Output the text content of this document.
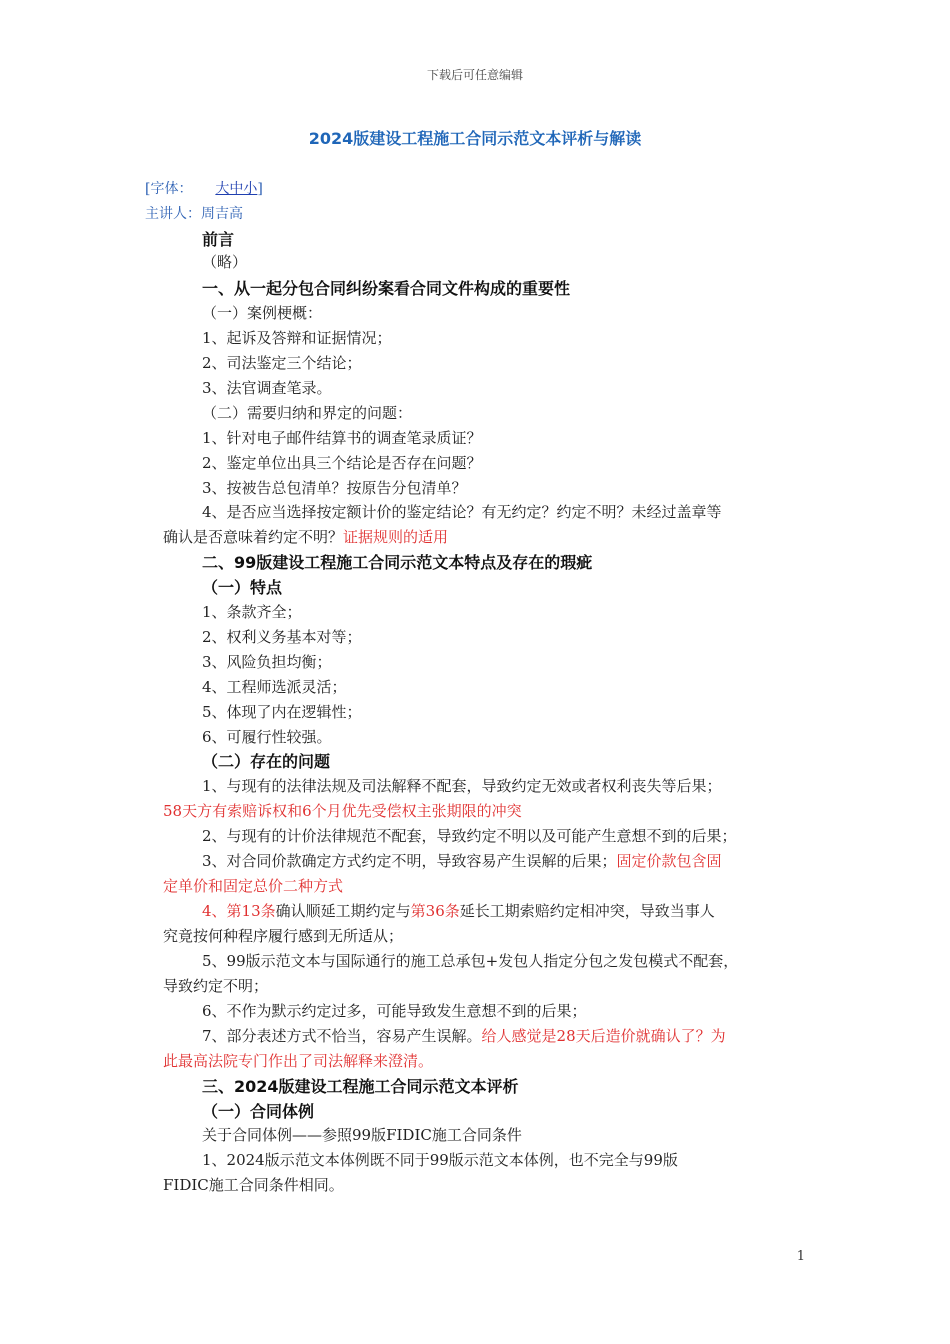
下载后可任意编辑
2024版建设工程施工合同示范文本评析与解读
[字体： 大中小]
主讲人：周吉高
前言
（略）
一、从一起分包合同纠纷案看合同文件构成的重要性
（一）案例梗概：
1、起诉及答辩和证据情况；
2、司法鉴定三个结论；
3、法官调查笔录。
（二）需要归纳和界定的问题：
1、针对电子邮件结算书的调查笔录质证？
2、鉴定单位出具三个结论是否存在问题？
3、按被告总包清单？按原告分包清单？
4、是否应当选择按定额计价的鉴定结论？有无约定？约定不明？未经过盖章等
确认是否意味着约定不明？证据规则的适用
二、99版建设工程施工合同示范文本特点及存在的瑕疵
（一）特点
1、条款齐全；
2、权利义务基本对等；
3、风险负担均衡；
4、工程师选派灵活；
5、体现了内在逻辑性；
6、可履行性较强。
（二）存在的问题
1、与现有的法律法规及司法解释不配套，导致约定无效或者权利丧失等后果；
58天方有索赔诉权和6个月优先受偿权主张期限的冲突
2、与现有的计价法律规范不配套，导致约定不明以及可能产生意想不到的后果；
3、对合同价款确定方式约定不明，导致容易产生误解的后果；固定价款包含固
定单价和固定总价二种方式
4、第13条确认顺延工期约定与第36条延长工期索赔约定相冲突，导致当事人
究竟按何种程序履行感到无所适从；
5、99版示范文本与国际通行的施工总承包+发包人指定分包之发包模式不配套，
导致约定不明；
6、不作为默示约定过多，可能导致发生意想不到的后果；
7、部分表述方式不恰当，容易产生误解。给人感觉是28天后造价就确认了？为
此最高法院专门作出了司法解释来澄清。
三、2024版建设工程施工合同示范文本评析
（一）合同体例
关于合同体例——参照99版FIDIC施工合同条件
1、2024版示范文本体例既不同于99版示范文本体例，也不完全与99版
FIDIC施工合同条件相同。
1
